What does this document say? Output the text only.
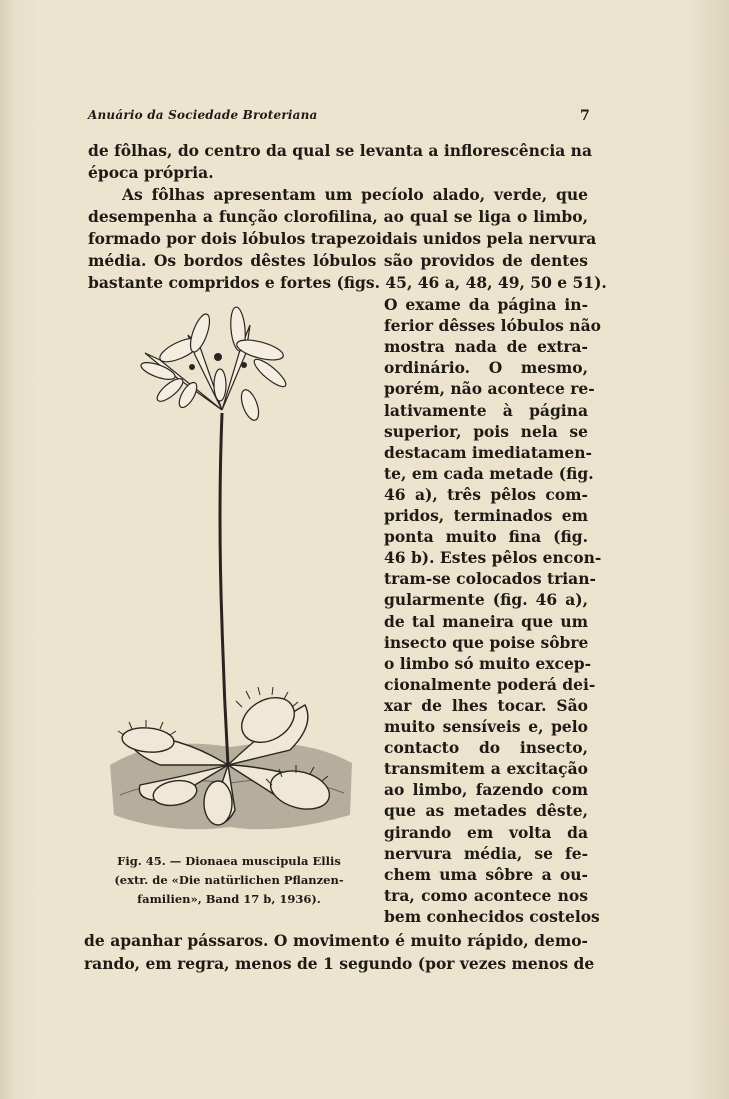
Anuário da Sociedade Broteriana	7
de fôlhas, do centro da qual se levanta a inflorescência na
época própria.
As fôlhas apresentam um pecíolo alado, verde, que
desempenha a função clorofilina, ao qual se liga o limbo,
formado por dois lóbulos trapezoidais unidos pela nervura
média. Os bordos dêstes lóbulos são providos de dentes
bastante compridos e fortes (figs. 45, 46 a, 48, 49, 50 e 51).
O exame da página in-
ferior dêsses lóbulos não
mostra nada de extra-
ordinário. O mesmo,
porém, não acontece re-
lativamente à página
superior, pois nela se
destacam imediatamen-
te, em cada metade (fig.
46 a), três pêlos com-
pridos, terminados em
ponta muito fina (fig.
46 b). Estes pêlos encon-
tram-se colocados trian-
gularmente (fig. 46 a),
de tal maneira que um
insecto que poise sôbre
o limbo só muito excep-
cionalmente poderá dei-
xar de lhes tocar. São
muito sensíveis e, pelo
contacto do insecto,
transmitem a excitação
ao limbo, fazendo com
que as metades dêste,
girando em volta da
nervura média, se fe-
chem uma sôbre a ou-
tra, como acontece nos
bem conhecidos costelos
Fig. 45. — Dionaea muscipula Ellis
(extr. de «Die natürlichen Pflanzen-
familien», Band 17 b, 1936).
de apanhar pássaros. O movimento é muito rápido, demo-
rando, em regra, menos de 1 segundo (por vezes menos de
